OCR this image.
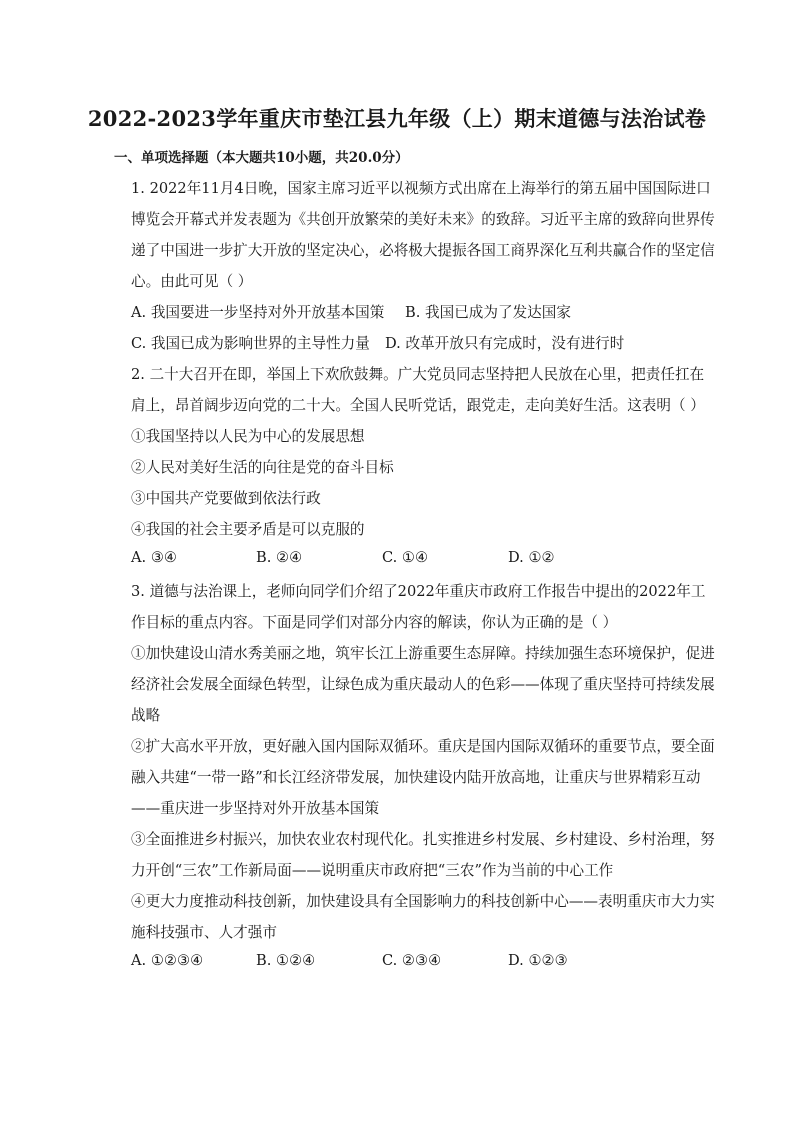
2022-2023学年重庆市垫江县九年级（上）期末道德与法治试卷
一、单项选择题（本大题共10小题，共20.0分）
1. 2022年11月4日晚，国家主席习近平以视频方式出席在上海举行的第五届中国国际进口
博览会开幕式并发表题为《共创开放繁荣的美好未来》的致辞。习近平主席的致辞向世界传
递了中国进一步扩大开放的坚定决心，必将极大提振各国工商界深化互利共赢合作的坚定信
心。由此可见（ ）
A. 我国要进一步坚持对外开放基本国策 B. 我国已成为了发达国家
C. 我国已成为影响世界的主导性力量 D. 改革开放只有完成时，没有进行时
2. 二十大召开在即，举国上下欢欣鼓舞。广大党员同志坚持把人民放在心里，把责任扛在
肩上，昂首阔步迈向党的二十大。全国人民听党话，跟党走，走向美好生活。这表明（ ）
①我国坚持以人民为中心的发展思想
②人民对美好生活的向往是党的奋斗目标
③中国共产党要做到依法行政
④我国的社会主要矛盾是可以克服的
A. ③④	B. ②④	C. ①④	D. ①②
3. 道德与法治课上，老师向同学们介绍了2022年重庆市政府工作报告中提出的2022年工
作目标的重点内容。下面是同学们对部分内容的解读，你认为正确的是（ ）
①加快建设山清水秀美丽之地，筑牢长江上游重要生态屏障。持续加强生态环境保护，促进
经济社会发展全面绿色转型，让绿色成为重庆最动人的色彩——体现了重庆坚持可持续发展
战略
②扩大高水平开放，更好融入国内国际双循环。重庆是国内国际双循环的重要节点，要全面
融入共建“一带一路”和长江经济带发展，加快建设内陆开放高地，让重庆与世界精彩互动
——重庆进一步坚持对外开放基本国策
③全面推进乡村振兴，加快农业农村现代化。扎实推进乡村发展、乡村建设、乡村治理，努
力开创“三农”工作新局面——说明重庆市政府把“三农”作为当前的中心工作
④更大力度推动科技创新，加快建设具有全国影响力的科技创新中心——表明重庆市大力实
施科技强市、人才强市
A. ①②③④	B. ①②④	C. ②③④	D. ①②③
